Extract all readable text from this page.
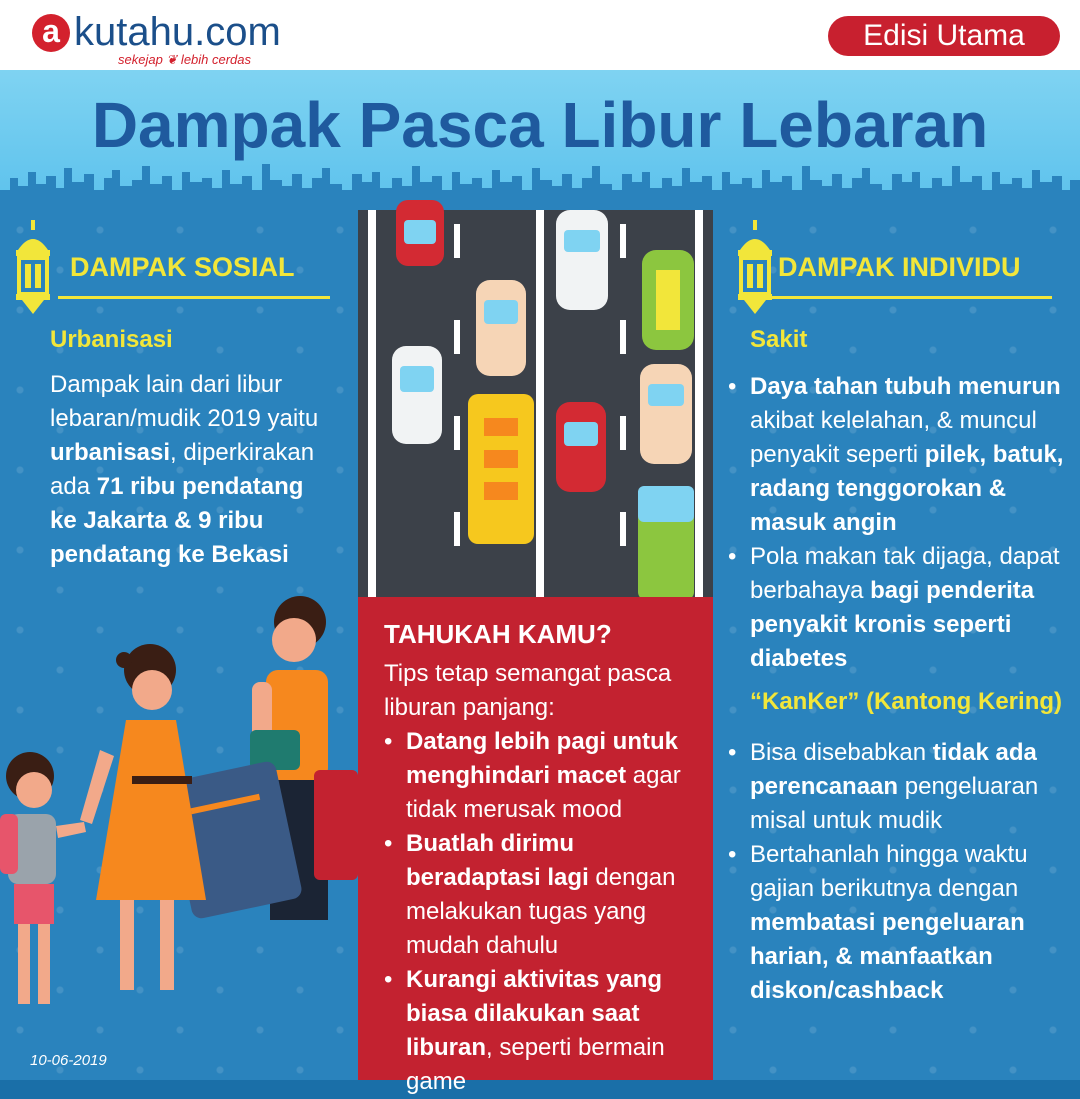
a kutahu.com
sekejap ❦ lebih cerdas
Edisi Utama
Dampak Pasca Libur Lebaran
DAMPAK SOSIAL
Urbanisasi
Dampak lain dari libur lebaran/mudik 2019 yaitu urbanisasi, diperkirakan ada 71 ribu pendatang ke Jakarta & 9 ribu pendatang ke Bekasi
10-06-2019
TAHUKAH KAMU?
Tips tetap semangat pasca liburan panjang:
• Datang lebih pagi untuk menghindari macet agar tidak merusak mood
• Buatlah dirimu beradaptasi lagi dengan melakukan tugas yang mudah dahulu
• Kurangi aktivitas yang biasa dilakukan saat liburan, seperti bermain game
DAMPAK INDIVIDU
Sakit
• Daya tahan tubuh menurun akibat kelelahan, & muncul penyakit seperti pilek, batuk, radang tenggorokan & masuk angin
• Pola makan tak dijaga, dapat berbahaya bagi penderita penyakit kronis seperti diabetes
“KanKer” (Kantong Kering)
• Bisa disebabkan tidak ada perencanaan pengeluaran misal untuk mudik
• Bertahanlah hingga waktu gajian berikutnya dengan membatasi pengeluaran harian, & manfaatkan diskon/cashback
